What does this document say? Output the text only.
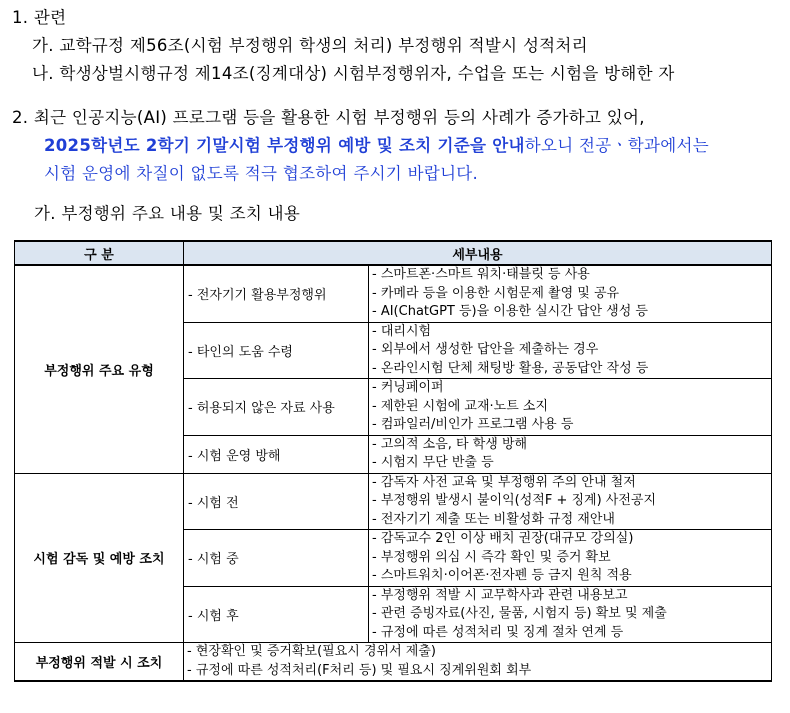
1. 관련
가. 교학규정 제56조(시험 부정행위 학생의 처리) 부정행위 적발시 성적처리
나. 학생상벌시행규정 제14조(징계대상) 시험부정행위자, 수업을 또는 시험을 방해한 자
2. 최근 인공지능(AI) 프로그램 등을 활용한 시험 부정행위 등의 사례가 증가하고 있어,
2025학년도 2학기 기말시험 부정행위 예방 및 조치 기준을 안내하오니 전공ㆍ학과에서는
시험 운영에 차질이 없도록 적극 협조하여 주시기 바랍니다.
가. 부정행위 주요 내용 및 조치 내용
구 분	세부내용	
부정행위 주요 유형	- 전자기기 활용부정행위	- 스마트폰·스마트 워치·태블릿 등 사용
- 카메라 등을 이용한 시험문제 촬영 및 공유
- AI(ChatGPT 등)을 이용한 실시간 답안 생성 등

	- 타인의 도움 수령	- 대리시험
- 외부에서 생성한 답안을 제출하는 경우
- 온라인시험 단체 채팅방 활용, 공동답안 작성 등

	- 허용되지 않은 자료 사용	- 커닝페이퍼
- 제한된 시험에 교재·노트 소지
- 컴파일러/비인가 프로그램 사용 등

	- 시험 운영 방해	- 고의적 소음, 타 학생 방해
- 시험지 무단 반출 등

시험 감독 및 예방 조치	- 시험 전	- 감독자 사전 교육 및 부정행위 주의 안내 철저
- 부정행위 발생시 불이익(성적F + 징계) 사전공지
- 전자기기 제출 또는 비활성화 규정 재안내

	- 시험 중	- 감독교수 2인 이상 배치 권장(대규모 강의실)
- 부정행위 의심 시 즉각 확인 및 증거 확보
- 스마트워치·이어폰·전자펜 등 금지 원칙 적용

	- 시험 후	- 부정행위 적발 시 교무학사과 관련 내용보고
- 관련 증빙자료(사진, 물품, 시험지 등) 확보 및 제출
- 규정에 따른 성적처리 및 징계 절차 연계 등

부정행위 적발 시 조치	- 현장확인 및 증거확보(필요시 경위서 제출)
- 규정에 따른 성적처리(F처리 등) 및 필요시 징계위원회 회부	
